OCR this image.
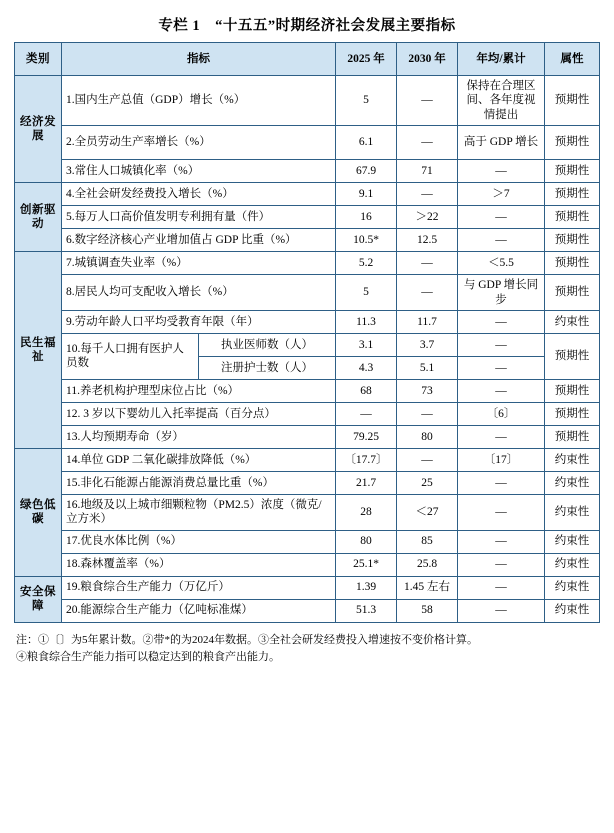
专栏 1　“十五五”时期经济社会发展主要指标
类别	指标		2025 年	2030 年	年均/累计	属性
经济发展	1.国内生产总值（GDP）增长（%）		5	—	保持在合理区间、各年度视情提出	预期性
	2.全员劳动生产率增长（%）		6.1	—	高于 GDP 增长	预期性
	3.常住人口城镇化率（%）		67.9	71	—	预期性
创新驱动	4.全社会研发经费投入增长（%）		9.1	—	＞7	预期性
	5.每万人口高价值发明专利拥有量（件）		16	＞22	—	预期性
	6.数字经济核心产业增加值占 GDP 比重（%）		10.5*	12.5	—	预期性
民生福祉	7.城镇调查失业率（%）		5.2	—	＜5.5	预期性
	8.居民人均可支配收入增长（%）		5	—	与 GDP 增长同步	预期性
	9.劳动年龄人口平均受教育年限（年）		11.3	11.7	—	约束性
	10.每千人口拥有医护人员数	执业医师数（人）	3.1	3.7	—	预期性
		注册护士数（人）	4.3	5.1	—	
	11.养老机构护理型床位占比（%）		68	73	—	预期性
	12. 3 岁以下婴幼儿入托率提高（百分点）		—	—	〔6〕	预期性
	13.人均预期寿命（岁）		79.25	80	—	预期性
绿色低碳	14.单位 GDP 二氧化碳排放降低（%）		〔17.7〕	—	〔17〕	约束性
	15.非化石能源占能源消费总量比重（%）		21.7	25	—	约束性
	16.地级及以上城市细颗粒物（PM2.5）浓度（微克/立方米）		28	＜27	—	约束性
	17.优良水体比例（%）		80	85	—	约束性
	18.森林覆盖率（%）		25.1*	25.8	—	约束性
安全保障	19.粮食综合生产能力（万亿斤）		1.39	1.45 左右	—	约束性
	20.能源综合生产能力（亿吨标准煤）		51.3	58	—	约束性
注：①〔〕为5年累计数。②带*的为2024年数据。③全社会研发经费投入增速按不变价格计算。
④粮食综合生产能力指可以稳定达到的粮食产出能力。
